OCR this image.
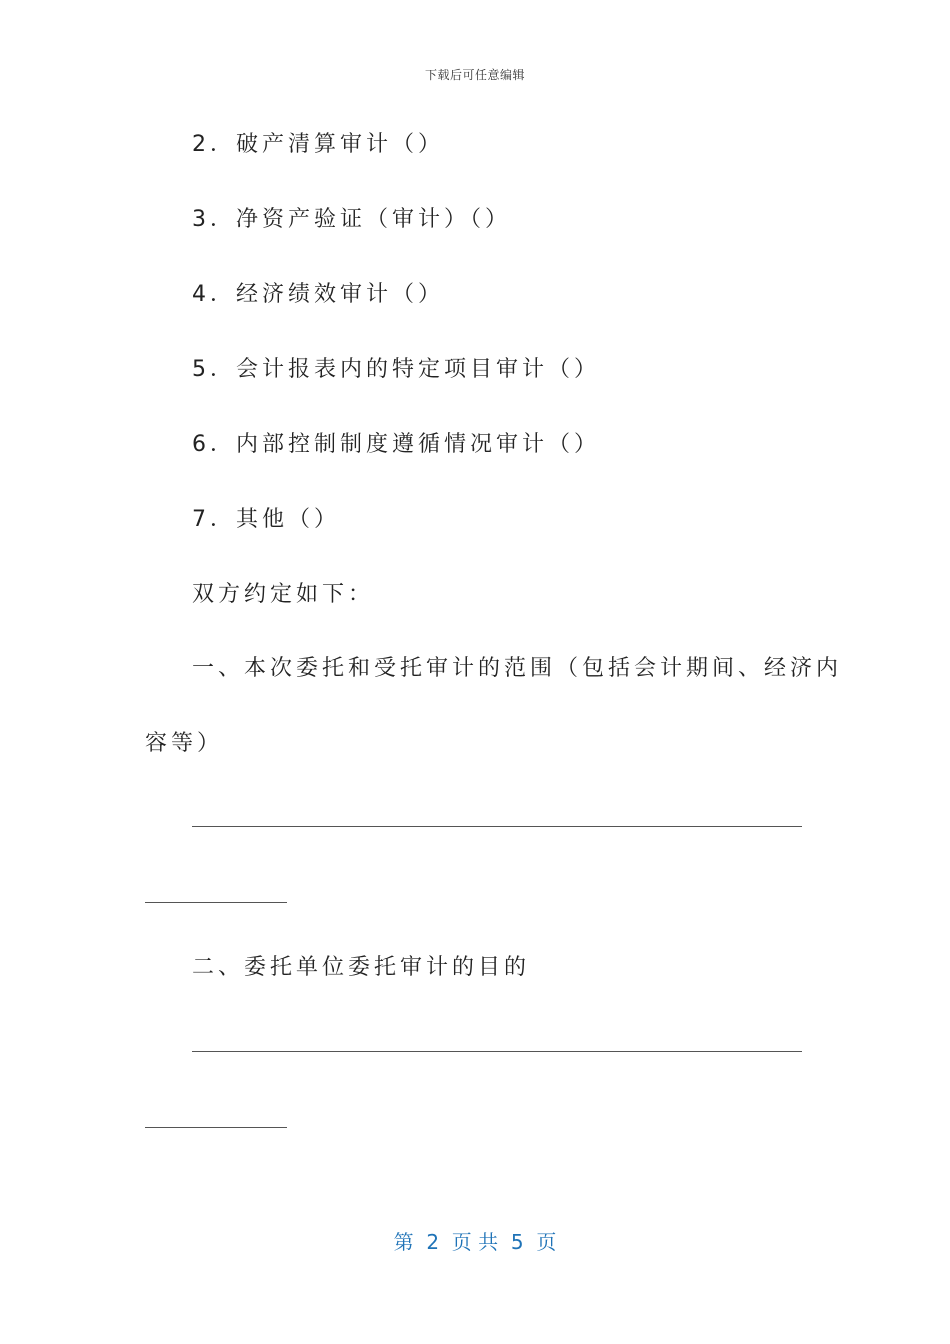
下载后可任意编辑
2．破产清算审计（）
3．净资产验证（审计）（）
4．经济绩效审计（）
5．会计报表内的特定项目审计（）
6．内部控制制度遵循情况审计（）
7．其他（）
双方约定如下：
一、本次委托和受托审计的范围（包括会计期间、经济内
容等）
二、委托单位委托审计的目的
第  2  页 共  5  页
